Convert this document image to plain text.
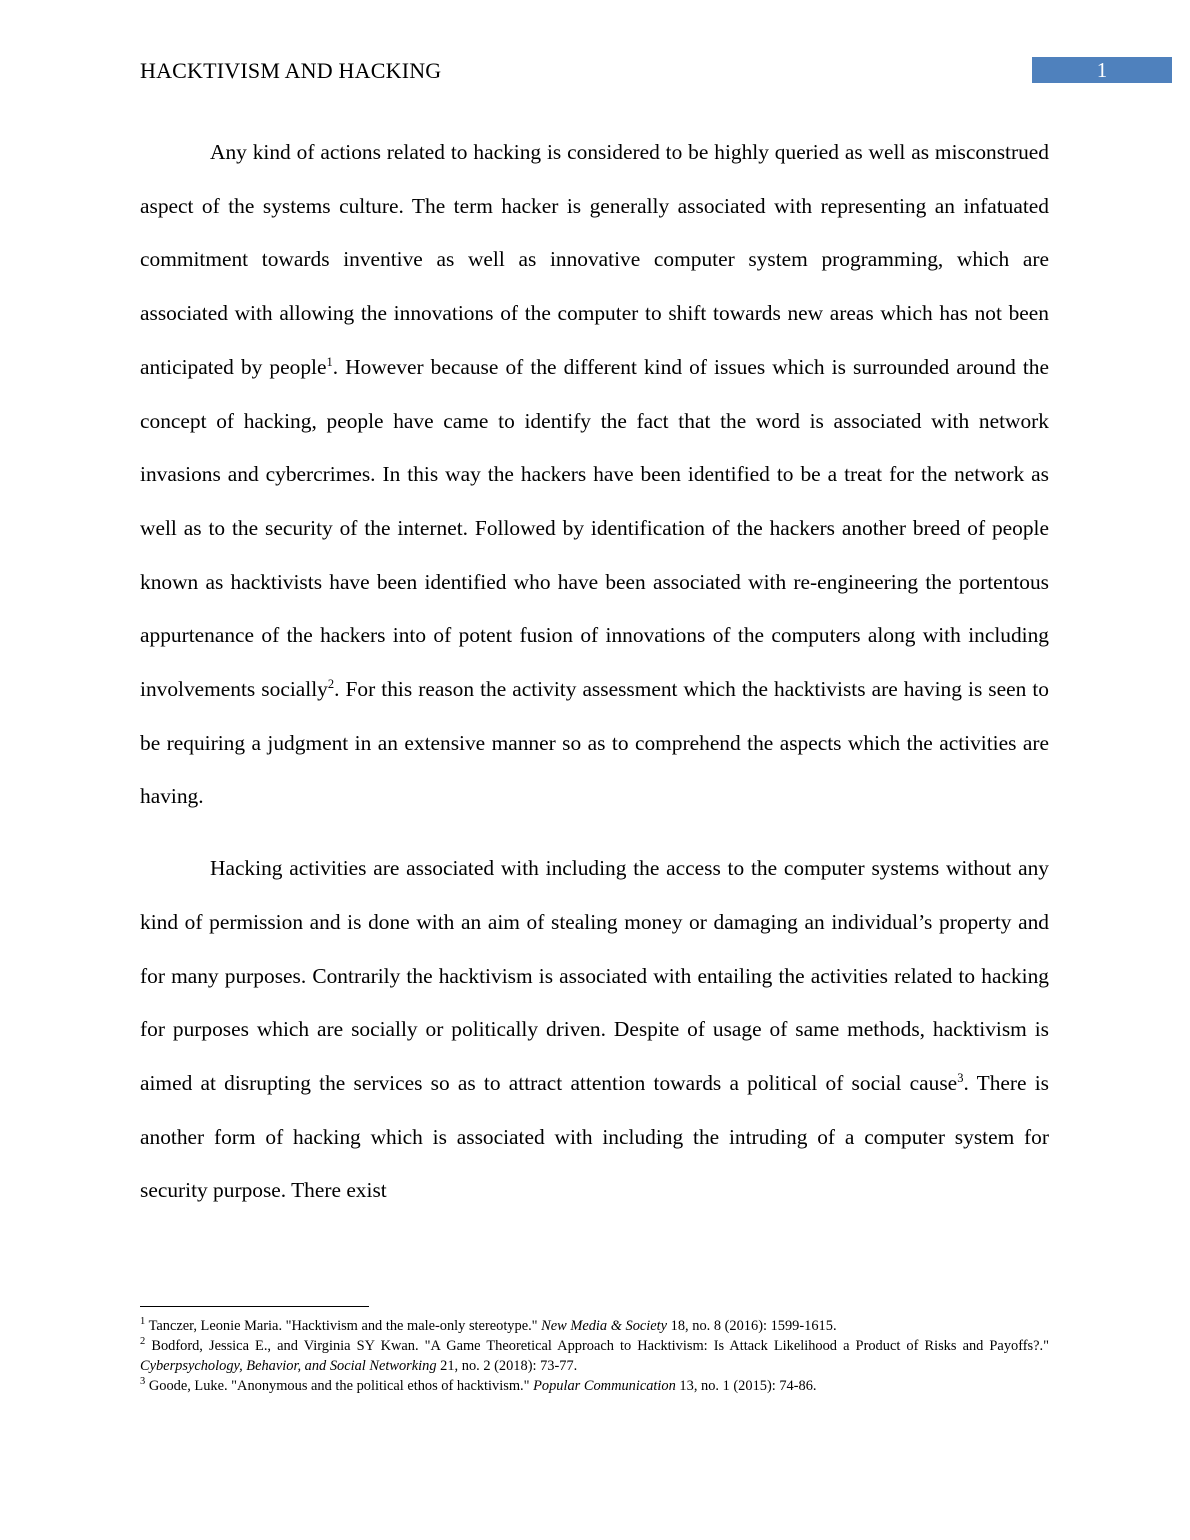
HACKTIVISM AND HACKING	1

Any kind of actions related to hacking is considered to be highly queried as well as misconstrued aspect of the systems culture. The term hacker is generally associated with representing an infatuated commitment towards inventive as well as innovative computer system programming, which are associated with allowing the innovations of the computer to shift towards new areas which has not been anticipated by people$^1$. However because of the different kind of issues which is surrounded around the concept of hacking, people have came to identify the fact that the word is associated with network invasions and cybercrimes. In this way the hackers have been identified to be a treat for the network as well as to the security of the internet. Followed by identification of the hackers another breed of people known as hacktivists have been identified who have been associated with re-engineering the portentous appurtenance of the hackers into of potent fusion of innovations of the computers along with including involvements socially$^2$. For this reason the activity assessment which the hacktivists are having is seen to be requiring a judgment in an extensive manner so as to comprehend the aspects which the activities are having.

Hacking activities are associated with including the access to the computer systems without any kind of permission and is done with an aim of stealing money or damaging an individual’s property and for many purposes. Contrarily the hacktivism is associated with entailing the activities related to hacking for purposes which are socially or politically driven. Despite of usage of same methods, hacktivism is aimed at disrupting the services so as to attract attention towards a political of social cause$^3$. There is another form of hacking which is associated with including the intruding of a computer system for security purpose. There exist

$^1$ Tanczer, Leonie Maria. "Hacktivism and the male-only stereotype." New Media & Society 18, no. 8 (2016): 1599-1615.

$^2$ Bodford, Jessica E., and Virginia SY Kwan. "A Game Theoretical Approach to Hacktivism: Is Attack Likelihood a Product of Risks and Payoffs?." Cyberpsychology, Behavior, and Social Networking 21, no. 2 (2018): 73-77.

$^3$ Goode, Luke. "Anonymous and the political ethos of hacktivism." Popular Communication 13, no. 1 (2015): 74-86.
